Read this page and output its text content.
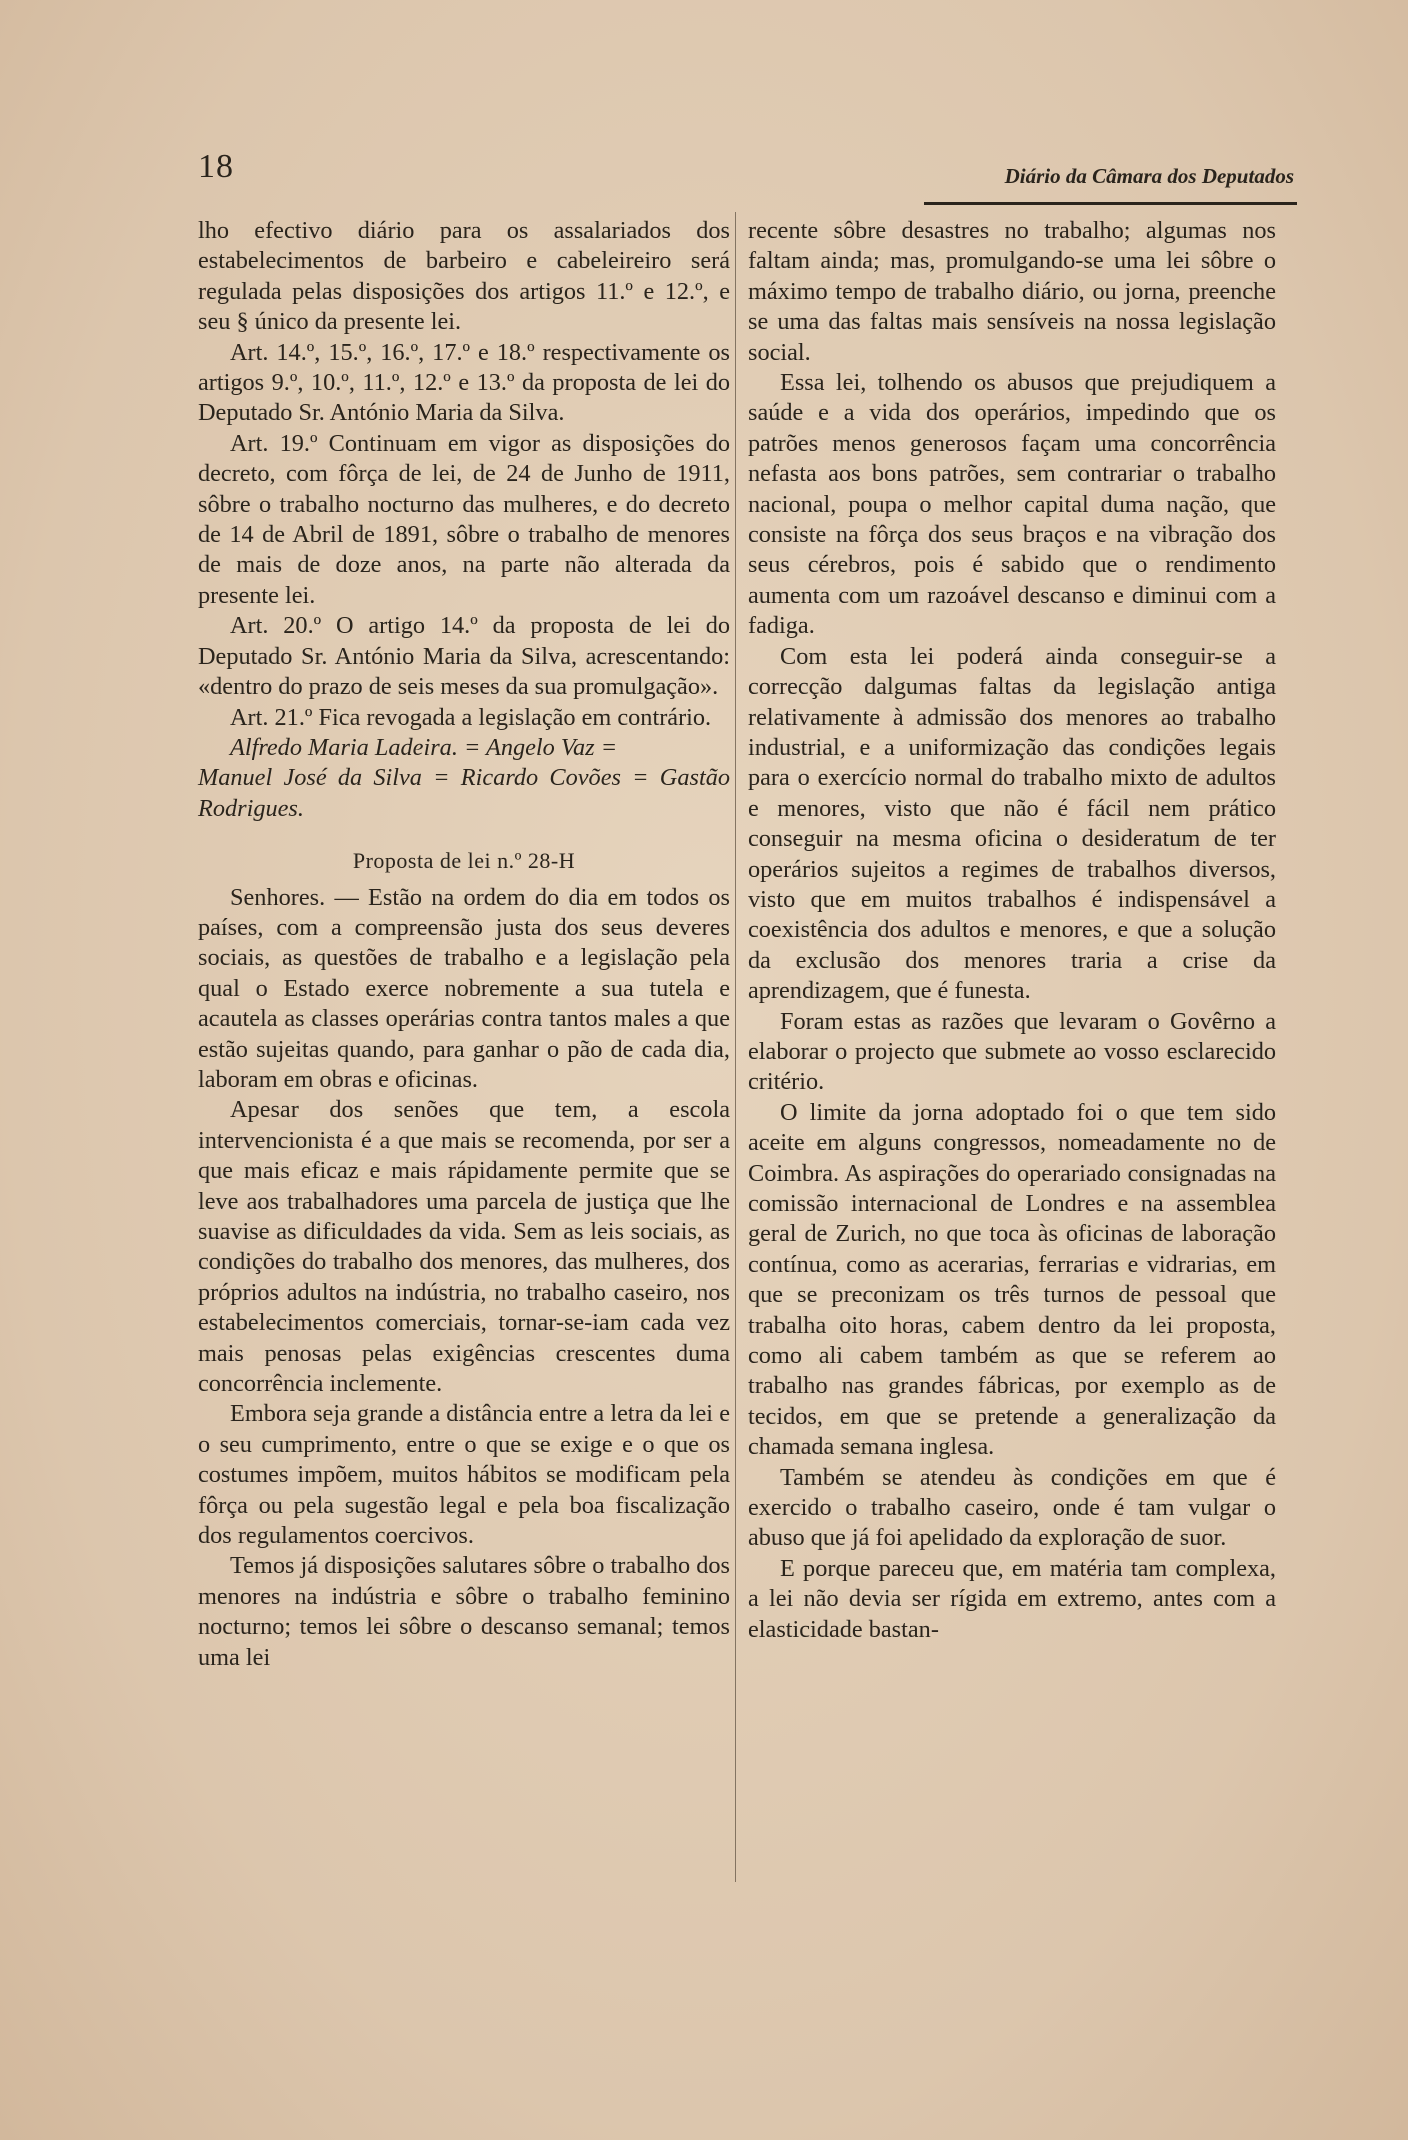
18	Diário da Câmara dos Deputados

lho efectivo diário para os assalariados dos estabelecimentos de barbeiro e cabeleireiro será regulada pelas disposições dos artigos 11.º e 12.º, e seu § único da presente lei.

Art. 14.º, 15.º, 16.º, 17.º e 18.º respectivamente os artigos 9.º, 10.º, 11.º, 12.º e 13.º da proposta de lei do Deputado Sr. António Maria da Silva.

Art. 19.º Continuam em vigor as disposições do decreto, com fôrça de lei, de 24 de Junho de 1911, sôbre o trabalho nocturno das mulheres, e do decreto de 14 de Abril de 1891, sôbre o trabalho de menores de mais de doze anos, na parte não alterada da presente lei.

Art. 20.º O artigo 14.º da proposta de lei do Deputado Sr. António Maria da Silva, acrescentando: «dentro do prazo de seis meses da sua promulgação».

Art. 21.º Fica revogada a legislação em contrário.

Alfredo Maria Ladeira. = Angelo Vaz =

Manuel José da Silva = Ricardo Covões = Gastão Rodrigues.

Proposta de lei n.º 28-H

Senhores. — Estão na ordem do dia em todos os países, com a compreensão justa dos seus deveres sociais, as questões de trabalho e a legislação pela qual o Estado exerce nobremente a sua tutela e acautela as classes operárias contra tantos males a que estão sujeitas quando, para ganhar o pão de cada dia, laboram em obras e oficinas.

Apesar dos senões que tem, a escola intervencionista é a que mais se recomenda, por ser a que mais eficaz e mais rápidamente permite que se leve aos trabalhadores uma parcela de justiça que lhe suavise as dificuldades da vida. Sem as leis sociais, as condições do trabalho dos menores, das mulheres, dos próprios adultos na indústria, no trabalho caseiro, nos estabelecimentos comerciais, tornar-se-iam cada vez mais penosas pelas exigências crescentes duma concorrência inclemente.

Embora seja grande a distância entre a letra da lei e o seu cumprimento, entre o que se exige e o que os costumes impõem, muitos hábitos se modificam pela fôrça ou pela sugestão legal e pela boa fiscalização dos regulamentos coercivos.

Temos já disposições salutares sôbre o trabalho dos menores na indústria e sôbre o trabalho feminino nocturno; temos lei sôbre o descanso semanal; temos uma lei

recente sôbre desastres no trabalho; algumas nos faltam ainda; mas, promulgando-se uma lei sôbre o máximo tempo de trabalho diário, ou jorna, preenche se uma das faltas mais sensíveis na nossa legislação social.

Essa lei, tolhendo os abusos que prejudiquem a saúde e a vida dos operários, impedindo que os patrões menos generosos façam uma concorrência nefasta aos bons patrões, sem contrariar o trabalho nacional, poupa o melhor capital duma nação, que consiste na fôrça dos seus braços e na vibração dos seus cérebros, pois é sabido que o rendimento aumenta com um razoável descanso e diminui com a fadiga.

Com esta lei poderá ainda conseguir-se a correcção dalgumas faltas da legislação antiga relativamente à admissão dos menores ao trabalho industrial, e a uniformização das condições legais para o exercício normal do trabalho mixto de adultos e menores, visto que não é fácil nem prático conseguir na mesma oficina o desideratum de ter operários sujeitos a regimes de trabalhos diversos, visto que em muitos trabalhos é indispensável a coexistência dos adultos e menores, e que a solução da exclusão dos menores traria a crise da aprendizagem, que é funesta.

Foram estas as razões que levaram o Govêrno a elaborar o projecto que submete ao vosso esclarecido critério.

O limite da jorna adoptado foi o que tem sido aceite em alguns congressos, nomeadamente no de Coimbra. As aspirações do operariado consignadas na comissão internacional de Londres e na assemblea geral de Zurich, no que toca às oficinas de laboração contínua, como as acerarias, ferrarias e vidrarias, em que se preconizam os três turnos de pessoal que trabalha oito horas, cabem dentro da lei proposta, como ali cabem também as que se referem ao trabalho nas grandes fábricas, por exemplo as de tecidos, em que se pretende a generalização da chamada semana inglesa.

Também se atendeu às condições em que é exercido o trabalho caseiro, onde é tam vulgar o abuso que já foi apelidado da exploração de suor.

E porque pareceu que, em matéria tam complexa, a lei não devia ser rígida em extremo, antes com a elasticidade bastan-
